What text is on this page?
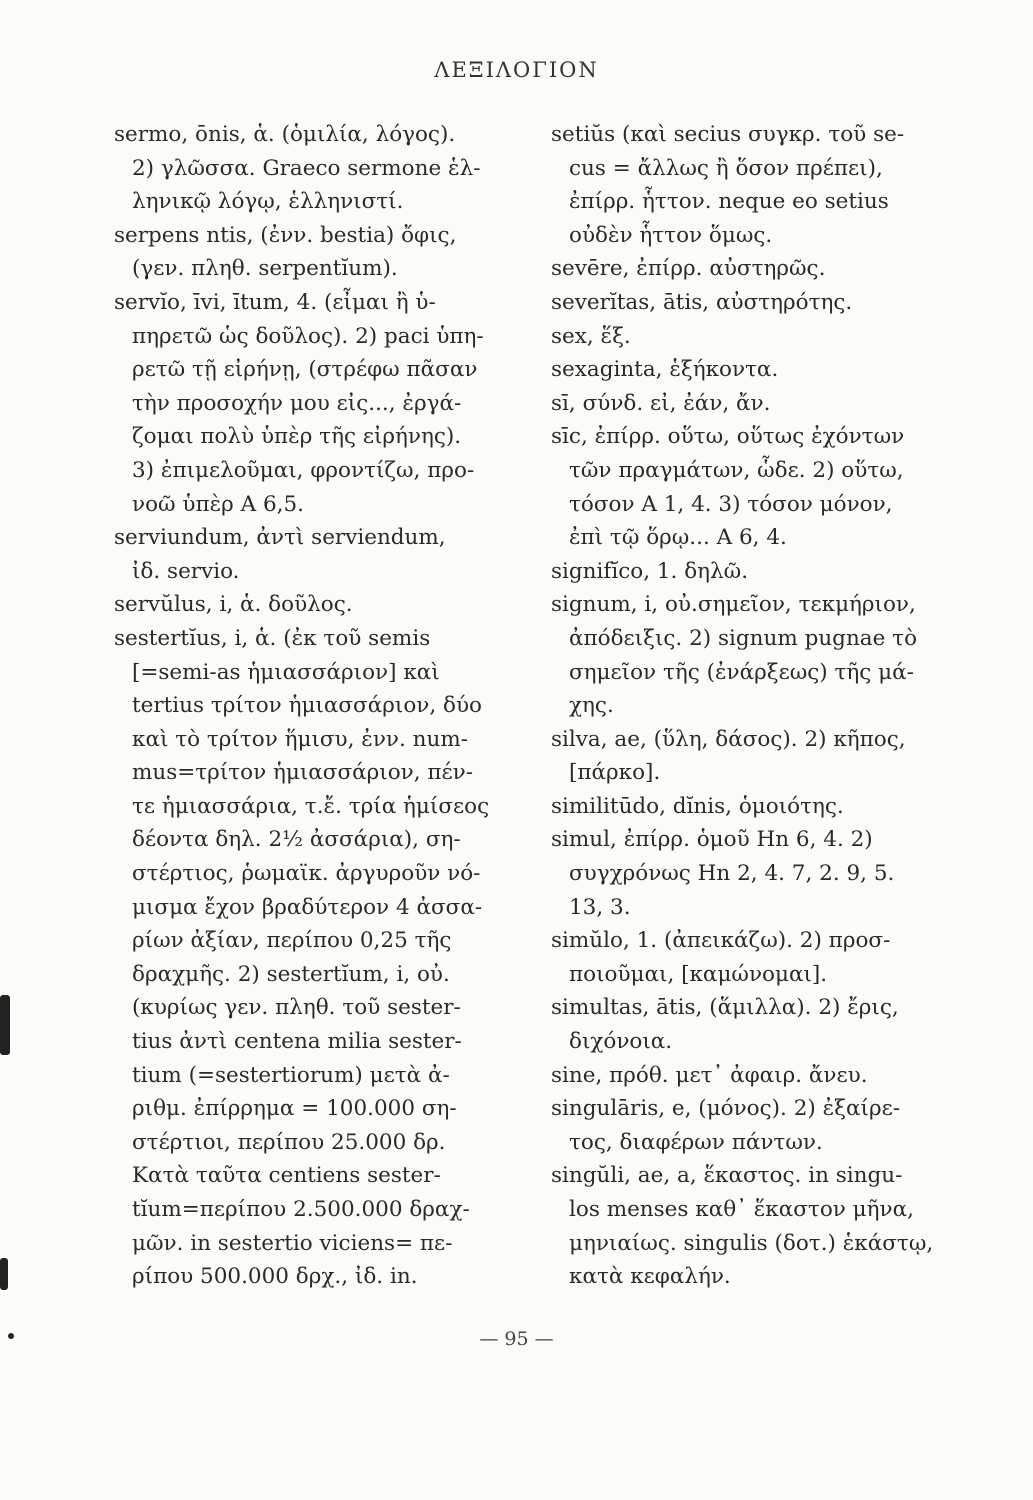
ΛΕΞΙΛΟΓΙΟΝ
sermo, ōnis, ἁ. (ὁμιλία, λόγος).
2) γλῶσσα. Graeco sermone ἑλ-
ληνικῷ λόγῳ, ἑλληνιστί.
serpens ntis, (ἐνν. bestia) ὄφις,
(γεν. πληθ. serpentĭum).
servĭo, īvi, ītum, 4. (εἶμαι ἢ ὑ-
πηρετῶ ὡς δοῦλος). 2) paci ὑπη-
ρετῶ τῇ εἰρήνῃ, (στρέφω πᾶσαν
τὴν προσοχήν μου εἰς..., ἐργά-
ζομαι πολὺ ὑπὲρ τῆς εἰρήνης).
3) ἐπιμελοῦμαι, φροντίζω, προ-
νοῶ ὑπὲρ Α 6,5.
serviundum, ἀντὶ serviendum,
ἰδ. servio.
servŭlus, i, ἁ. δοῦλος.
sestertĭus, i, ἁ. (ἐκ τοῦ semis
[=semi-as ἡμιασσάριον] καὶ
tertius τρίτον ἡμιασσάριον, δύο
καὶ τὸ τρίτον ἥμισυ, ἐνν. num-
mus=τρίτον ἡμιασσάριον, πέν-
τε ἡμιασσάρια, τ.ἔ. τρία ἡμίσεος
δέοντα δηλ. 2½ ἀσσάρια), ση-
στέρτιος, ῥωμαϊκ. ἀργυροῦν νό-
μισμα ἔχον βραδύτερον 4 ἀσσα-
ρίων ἀξίαν, περίπου 0,25 τῆς
δραχμῆς. 2) sestertĭum, i, οὐ.
(κυρίως γεν. πληθ. τοῦ sester-
tius ἀντὶ centena milia sester-
tium (=sestertiorum) μετὰ ἀ-
ριθμ. ἐπίρρημα = 100.000 ση-
στέρτιοι, περίπου 25.000 δρ.
Κατὰ ταῦτα centiens sester-
tĭum=περίπου 2.500.000 δραχ-
μῶν. in sestertio viciens= πε-
ρίπου 500.000 δρχ., ἰδ. in.
setiŭs (καὶ secius συγκρ. τοῦ se-
cus = ἄλλως ἢ ὅσον πρέπει),
ἐπίρρ. ἧττον. neque eo setius
οὐδὲν ἧττον ὅμως.
sevēre, ἐπίρρ. αὐστηρῶς.
severĭtas, ātis, αὐστηρότης.
sex, ἕξ.
sexaginta, ἑξήκοντα.
sī, σύνδ. εἰ, ἐάν, ἄν.
sīc, ἐπίρρ. οὕτω, οὕτως ἐχόντων
τῶν πραγμάτων, ὧδε. 2) οὕτω,
τόσον Α 1, 4. 3) τόσον μόνον,
ἐπὶ τῷ ὅρῳ... Α 6, 4.
signifĭco, 1. δηλῶ.
signum, i, οὐ.σημεῖον, τεκμήριον,
ἀπόδειξις. 2) signum pugnae τὸ
σημεῖον τῆς (ἐνάρξεως) τῆς μά-
χης.
silva, ae, (ὕλη, δάσος). 2) κῆπος,
[πάρκο].
similitūdo, dĭnis, ὁμοιότης.
simul, ἐπίρρ. ὁμοῦ Ηn 6, 4. 2)
συγχρόνως Ηn 2, 4. 7, 2. 9, 5.
13, 3.
simŭlo, 1. (ἀπεικάζω). 2) προσ-
ποιοῦμαι, [καμώνομαι].
simultas, ātis, (ἅμιλλα). 2) ἔρις,
διχόνοια.
sine, πρόθ. μετ᾽ ἀφαιρ. ἄνευ.
singulāris, e, (μόνος). 2) ἐξαίρε-
τος, διαφέρων πάντων.
singŭli, ae, a, ἕκαστος. in singu-
los menses καθ᾽ ἕκαστον μῆνα,
μηνιαίως. singulis (δοτ.) ἑκάστῳ,
κατὰ κεφαλήν.
— 95 —
